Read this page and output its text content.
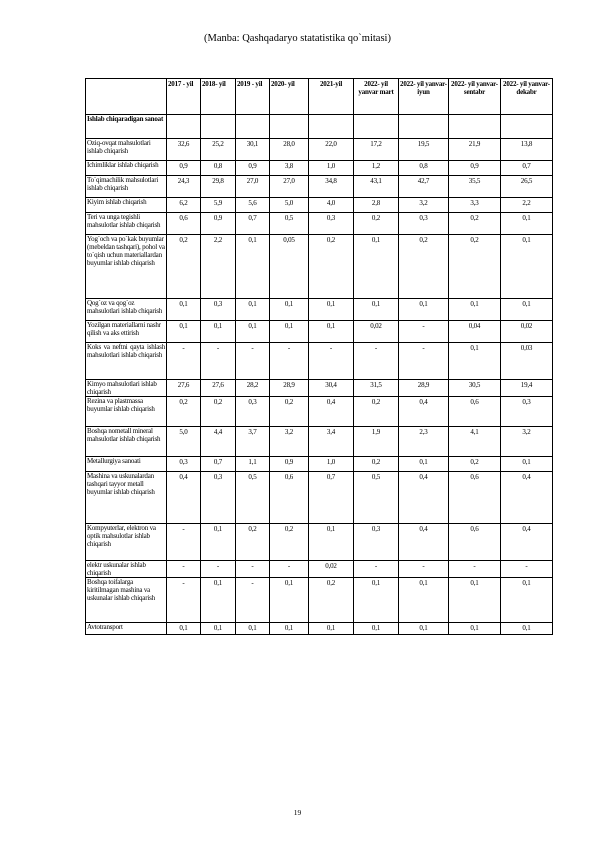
(Manba: Qashqadaryo statatistika qo`mitasi)
	2017 - yil	2018- yil	2019 - yil	2020- yil	2021-yil	2022- yil yanvar mart	2022- yil yanvar-iyun	2022- yil yanvar-sentabr	2022- yil yanvar-dekabr
Ishlab chiqaradigan sanoat									
Oziq-ovqat mahsulotlari ishlab chiqarish	32,6	25,2	30,1	28,0	22,0	17,2	19,5	21,9	13,8
Ichimliklar ishlab chiqarish	0,9	0,8	0,9	3,8	1,0	1,2	0,8	0,9	0,7
To`qimachilik mahsulotlari ishlab chiqarish	24,3	29,8	27,0	27,0	34,8	43,1	42,7	35,5	26,5
Kiyim ishlab chiqarish	6,2	5,9	5,6	5,0	4,0	2,8	3,2	3,3	2,2
Teri va unga tegishli mahsulotlar ishlab chiqarish	0,6	0,9	0,7	0,5	0,3	0,2	0,3	0,2	0,1
Yog`och va po`kak buyumlar (mebeldan tashqari), pohol va to`qish uchun materiallardan buyumlar ishlab chiqarish	0,2	2,2	0,1	0,05	0,2	0,1	0,2	0,2	0,1
Qog`oz va qog`oz mahsulotlari ishlab chiqarish	0,1	0,3	0,1	0,1	0,1	0,1	0,1	0,1	0,1
Yozilgan materiallarni nashr qilish va aks ettirish	0,1	0,1	0,1	0,1	0,1	0,02	-	0,04	0,02
Koks va neftni qayta ishlash mahsulotlari ishlab chiqarish	-	-	-	-	-	-	-	0,1	0,03
Kimyo mahsulotlari ishlab chiqarish	27,6	27,6	28,2	28,9	30,4	31,5	28,9	30,5	19,4
Rezina va plastmassa buyumlar ishlab chiqarish	0,2	0,2	0,3	0,2	0,4	0,2	0,4	0,6	0,3
Boshqa nometall mineral mahsulotlar ishlab chiqarish	5,0	4,4	3,7	3,2	3,4	1,9	2,3	4,1	3,2
Metallurgiya sanoati	0,3	0,7	1,1	0,9	1,0	0,2	0,1	0,2	0,1
Mashina va uskunalardan tashqari tayyor metall buyumlar ishlab chiqarish	0,4	0,3	0,5	0,6	0,7	0,5	0,4	0,6	0,4
Kompyuterlar, elektron va optik mahsulotlar ishlab chiqarish	-	0,1	0,2	0,2	0,1	0,3	0,4	0,6	0,4
elektr uskunalar ishlab chiqarish	-	-	-	-	0,02	-	-	-	-
Boshqa toifalarga kiritilmagan mashina va uskunalar ishlab chiqarish	-	0,1	-	0,1	0,2	0,1	0,1	0,1	0,1
Avtotransport	0,1	0,1	0,1	0,1	0,1	0,1	0,1	0,1	0,1
19
